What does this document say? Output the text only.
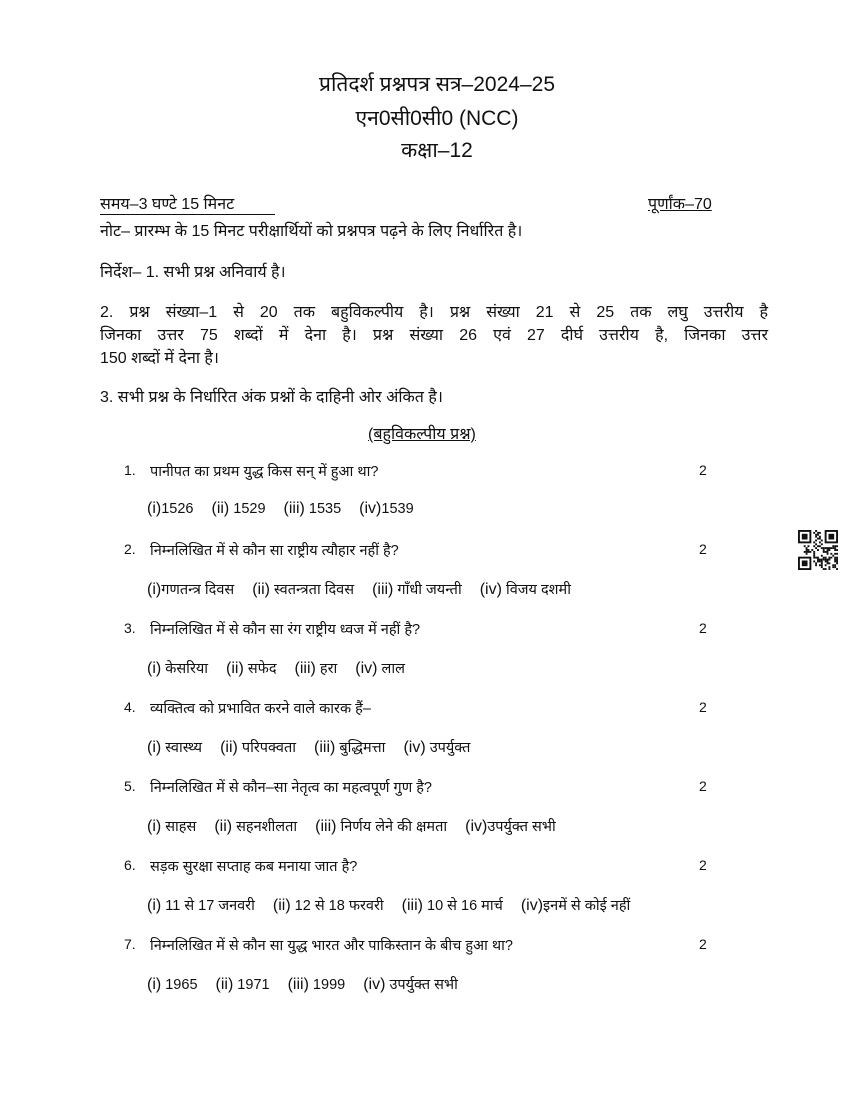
प्रतिदर्श प्रश्नपत्र सत्र–2024–25
एन0सी0सी0 (NCC)
कक्षा–12
समय–3 घण्टे 15 मिनट	पूर्णांक–70
नोट– प्रारम्भ के 15 मिनट परीक्षार्थियों को प्रश्नपत्र पढ़ने के लिए निर्धारित है।
निर्देश– 1. सभी प्रश्न अनिवार्य है।
2. प्रश्न संख्या–1 से 20 तक बहुविकल्पीय है। प्रश्न संख्या 21 से 25 तक लघु उत्तरीय है
जिनका उत्तर 75 शब्दों में देना है। प्रश्न संख्या 26 एवं 27 दीर्घ उत्तरीय है, जिनका उत्तर
150 शब्दों में देना है।
3. सभी प्रश्न के निर्धारित अंक प्रश्नों के दाहिनी ओर अंकित है।
(बहुविकल्पीय प्रश्न)
1. पानीपत का प्रथम युद्ध किस सन् में हुआ था?	2
(i)1526 (ii) 1529 (iii) 1535 (iv)1539
2. निम्नलिखित में से कौन सा राष्ट्रीय त्यौहार नहीं है?	2
(i)गणतन्त्र दिवस (ii) स्वतन्त्रता दिवस (iii) गाँधी जयन्ती (iv) विजय दशमी
3. निम्नलिखित में से कौन सा रंग राष्ट्रीय ध्वज में नहीं है?	2
(i) केसरिया (ii) सफेद (iii) हरा (iv) लाल
4. व्यक्तित्व को प्रभावित करने वाले कारक हैं–	2
(i) स्वास्थ्य (ii) परिपक्वता (iii) बुद्धिमत्ता (iv) उपर्युक्त
5. निम्नलिखित में से कौन–सा नेतृत्व का महत्वपूर्ण गुण है?	2
(i) साहस (ii) सहनशीलता (iii) निर्णय लेने की क्षमता (iv)उपर्युक्त सभी
6. सड़क सुरक्षा सप्ताह कब मनाया जात है?	2
(i) 11 से 17 जनवरी (ii) 12 से 18 फरवरी (iii) 10 से 16 मार्च (iv)इनमें से कोई नहीं
7. निम्नलिखित में से कौन सा युद्ध भारत और पाकिस्तान के बीच हुआ था?	2
(i) 1965 (ii) 1971 (iii) 1999 (iv) उपर्युक्त सभी
